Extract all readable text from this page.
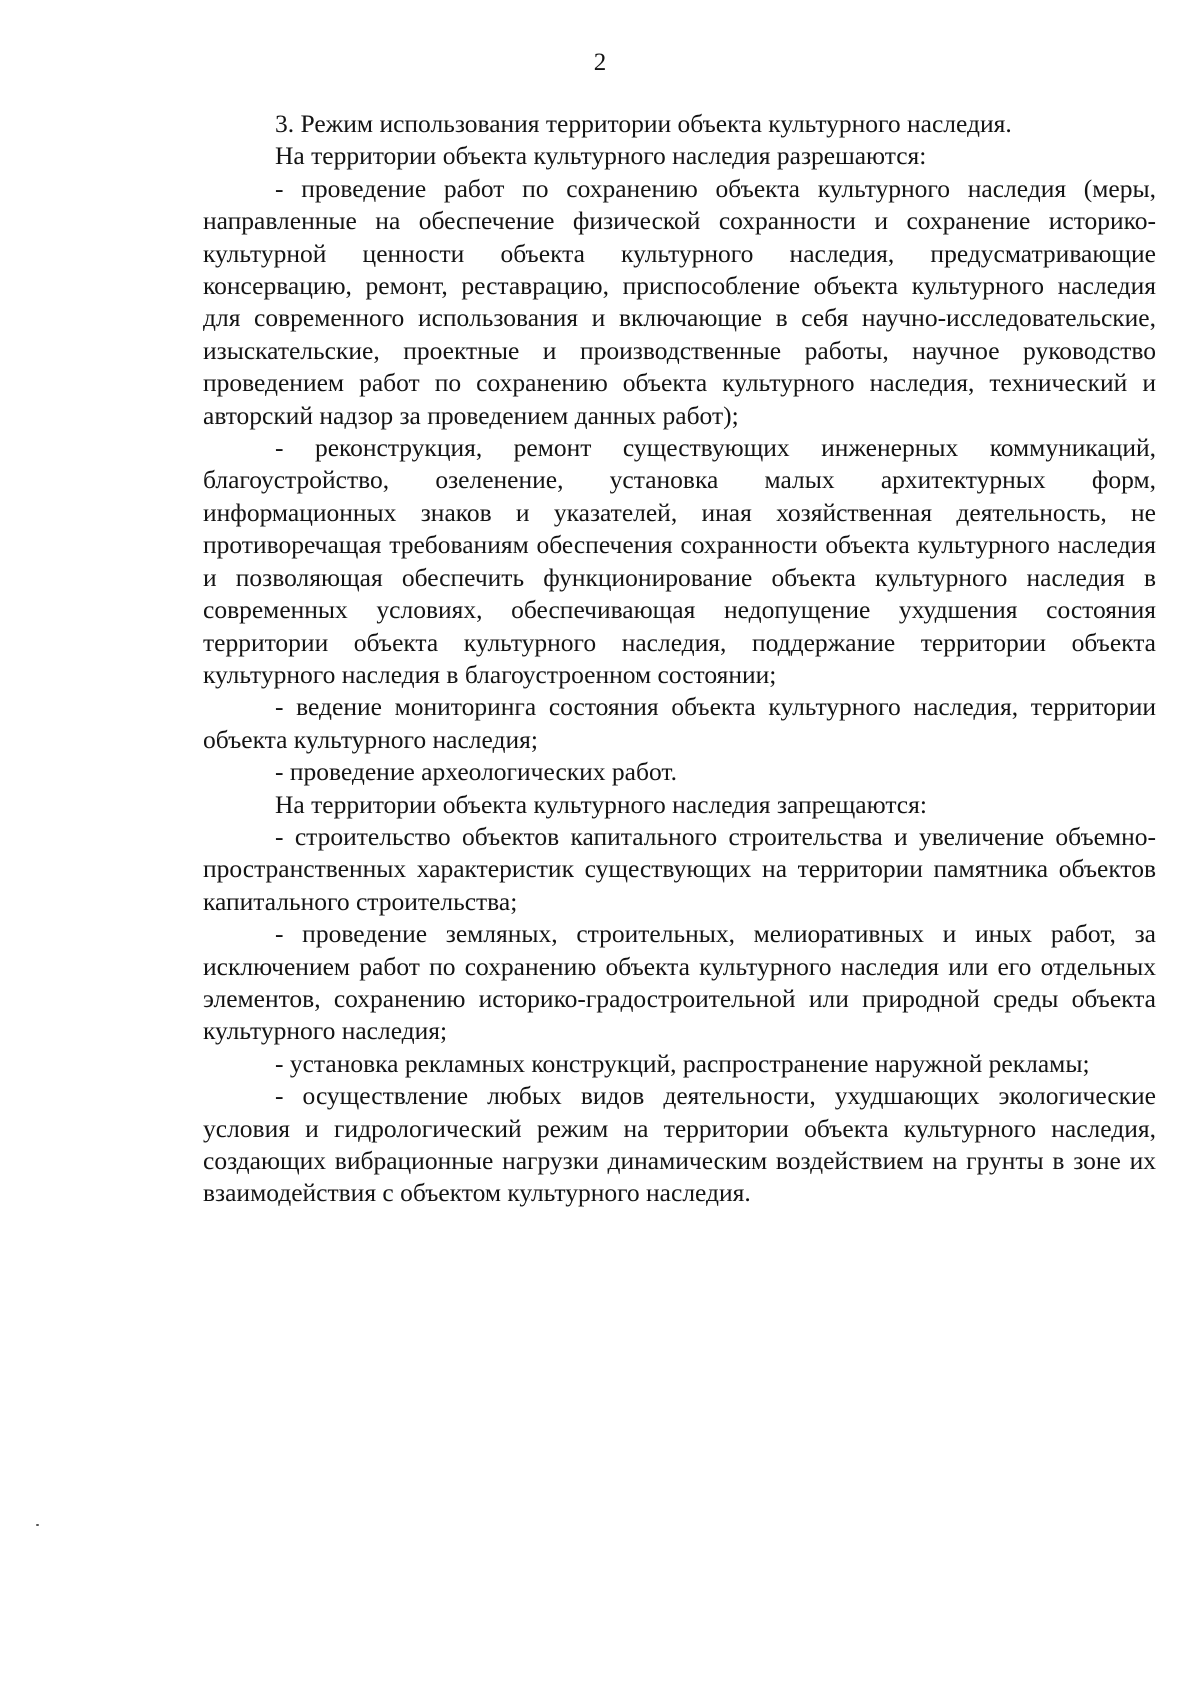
2

3. Режим использования территории объекта культурного наследия.

На территории объекта культурного наследия разрешаются:

- проведение работ по сохранению объекта культурного наследия (меры, направленные на обеспечение физической сохранности и сохранение историко-культурной ценности объекта культурного наследия, предусматривающие консервацию, ремонт, реставрацию, приспособление объекта культурного наследия для современного использования и включающие в себя научно-исследовательские, изыскательские, проектные и производственные работы, научное руководство проведением работ по сохранению объекта культурного наследия, технический и авторский надзор за проведением данных работ);

- реконструкция, ремонт существующих инженерных коммуникаций, благоустройство, озеленение, установка малых архитектурных форм, информационных знаков и указателей, иная хозяйственная деятельность, не противоречащая требованиям обеспечения сохранности объекта культурного наследия и позволяющая обеспечить функционирование объекта культурного наследия в современных условиях, обеспечивающая недопущение ухудшения состояния территории объекта культурного наследия, поддержание территории объекта культурного наследия в благоустроенном состоянии;

- ведение мониторинга состояния объекта культурного наследия, территории объекта культурного наследия;

- проведение археологических работ.

На территории объекта культурного наследия запрещаются:

- строительство объектов капитального строительства и увеличение объемно-пространственных характеристик существующих на территории памятника объектов капитального строительства;

- проведение земляных, строительных, мелиоративных и иных работ, за исключением работ по сохранению объекта культурного наследия или его отдельных элементов, сохранению историко-градостроительной или природной среды объекта культурного наследия;

- установка рекламных конструкций, распространение наружной рекламы;

- осуществление любых видов деятельности, ухудшающих экологические условия и гидрологический режим на территории объекта культурного наследия, создающих вибрационные нагрузки динамическим воздействием на грунты в зоне их взаимодействия с объектом культурного наследия.
